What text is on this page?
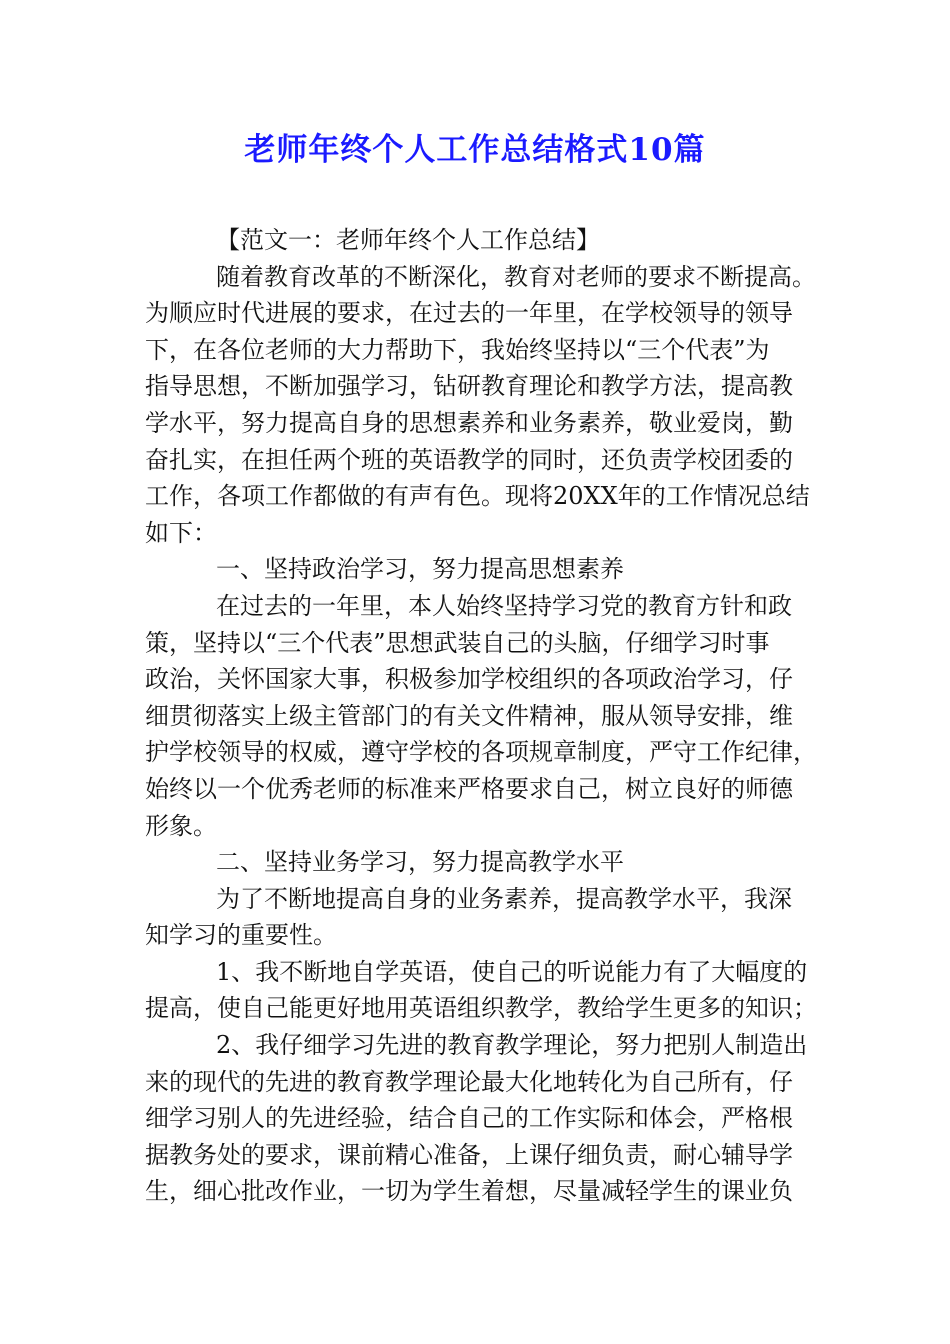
老师年终个人工作总结格式10篇
【范文一：老师年终个人工作总结】
随着教育改革的不断深化，教育对老师的要求不断提高。
为顺应时代进展的要求，在过去的一年里，在学校领导的领导
下，在各位老师的大力帮助下，我始终坚持以“三个代表”为
指导思想，不断加强学习，钻研教育理论和教学方法，提高教
学水平，努力提高自身的思想素养和业务素养，敬业爱岗，勤
奋扎实，在担任两个班的英语教学的同时，还负责学校团委的
工作，各项工作都做的有声有色。现将20XX年的工作情况总结
如下：
一、坚持政治学习，努力提高思想素养
在过去的一年里，本人始终坚持学习党的教育方针和政
策，坚持以“三个代表”思想武装自己的头脑，仔细学习时事
政治，关怀国家大事，积极参加学校组织的各项政治学习，仔
细贯彻落实上级主管部门的有关文件精神，服从领导安排，维
护学校领导的权威，遵守学校的各项规章制度，严守工作纪律，
始终以一个优秀老师的标准来严格要求自己，树立良好的师德
形象。
二、坚持业务学习，努力提高教学水平
为了不断地提高自身的业务素养，提高教学水平，我深
知学习的重要性。
1、我不断地自学英语，使自己的听说能力有了大幅度的
提高，使自己能更好地用英语组织教学，教给学生更多的知识；
2、我仔细学习先进的教育教学理论，努力把别人制造出
来的现代的先进的教育教学理论最大化地转化为自己所有，仔
细学习别人的先进经验，结合自己的工作实际和体会，严格根
据教务处的要求，课前精心准备，上课仔细负责，耐心辅导学
生，细心批改作业，一切为学生着想，尽量减轻学生的课业负
